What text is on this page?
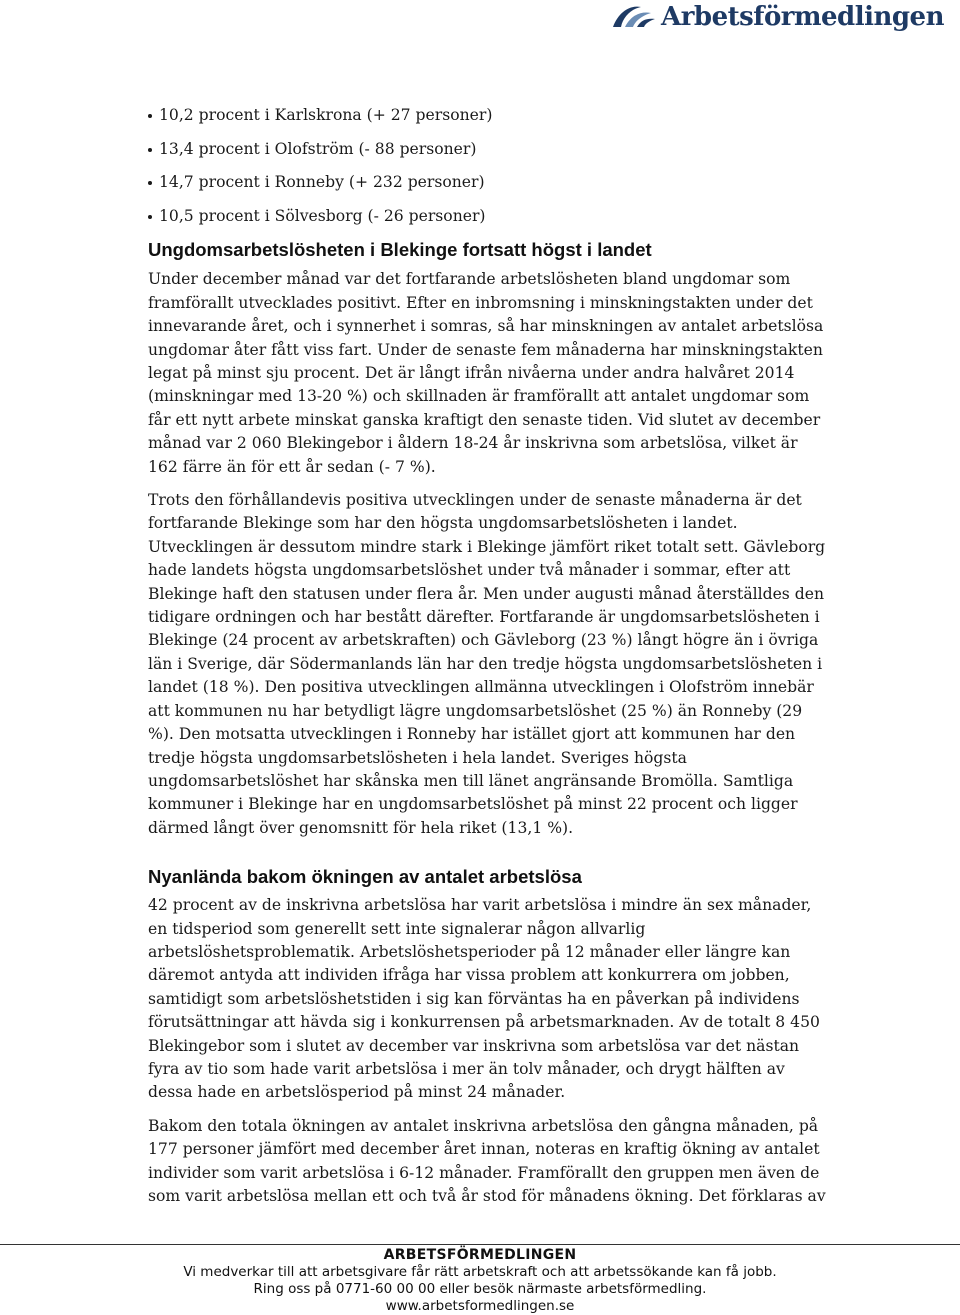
Arbetsförmedlingen
10,2 procent i Karlskrona (+ 27 personer)
13,4 procent i Olofström (- 88 personer)
14,7 procent i Ronneby (+ 232 personer)
10,5 procent i Sölvesborg (- 26 personer)
Ungdomsarbetslösheten i Blekinge fortsatt högst i landet

Under december månad var det fortfarande arbetslösheten bland ungdomar som framförallt utvecklades positivt. Efter en inbromsning i minskningstakten under det innevarande året, och i synnerhet i somras, så har minskningen av antalet arbetslösa ungdomar åter fått viss fart. Under de senaste fem månaderna har minskningstakten legat på minst sju procent. Det är långt ifrån nivåerna under andra halvåret 2014 (minskningar med 13-20 %) och skillnaden är framförallt att antalet ungdomar som får ett nytt arbete minskat ganska kraftigt den senaste tiden. Vid slutet av december månad var 2 060 Blekingebor i åldern 18-24 år inskrivna som arbetslösa, vilket är 162 färre än för ett år sedan (- 7 %).

Trots den förhållandevis positiva utvecklingen under de senaste månaderna är det fortfarande Blekinge som har den högsta ungdomsarbetslösheten i landet. Utvecklingen är dessutom mindre stark i Blekinge jämfört riket totalt sett. Gävleborg hade landets högsta ungdomsarbetslöshet under två månader i sommar, efter att Blekinge haft den statusen under flera år. Men under augusti månad återställdes den tidigare ordningen och har bestått därefter. Fortfarande är ungdomsarbetslösheten i Blekinge (24 procent av arbetskraften) och Gävleborg (23 %) långt högre än i övriga län i Sverige, där Södermanlands län har den tredje högsta ungdomsarbetslösheten i landet (18 %). Den positiva utvecklingen allmänna utvecklingen i Olofström innebär att kommunen nu har betydligt lägre ungdomsarbetslöshet (25 %) än Ronneby (29 %). Den motsatta utvecklingen i Ronneby har istället gjort att kommunen har den tredje högsta ungdomsarbetslösheten i hela landet. Sveriges högsta ungdomsarbetslöshet har skånska men till länet angränsande Bromölla. Samtliga kommuner i Blekinge har en ungdomsarbetslöshet på minst 22 procent och ligger därmed långt över genomsnitt för hela riket (13,1 %).

Nyanlända bakom ökningen av antalet arbetslösa

42 procent av de inskrivna arbetslösa har varit arbetslösa i mindre än sex månader, en tidsperiod som generellt sett inte signalerar någon allvarlig arbetslöshetsproblematik. Arbetslöshetsperioder på 12 månader eller längre kan däremot antyda att individen ifråga har vissa problem att konkurrera om jobben, samtidigt som arbetslöshetstiden i sig kan förväntas ha en påverkan på individens förutsättningar att hävda sig i konkurrensen på arbetsmarknaden. Av de totalt 8 450 Blekingebor som i slutet av december var inskrivna som arbetslösa var det nästan fyra av tio som hade varit arbetslösa i mer än tolv månader, och drygt hälften av dessa hade en arbetslösperiod på minst 24 månader.

Bakom den totala ökningen av antalet inskrivna arbetslösa den gångna månaden, på 177 personer jämfört med december året innan, noteras en kraftig ökning av antalet individer som varit arbetslösa i 6-12 månader. Framförallt den gruppen men även de som varit arbetslösa mellan ett och två år stod för månadens ökning. Det förklaras av

ARBETSFÖRMEDLINGEN
Vi medverkar till att arbetsgivare får rätt arbetskraft och att arbetssökande kan få jobb.
Ring oss på 0771-60 00 00 eller besök närmaste arbetsförmedling.
www.arbetsformedlingen.se
